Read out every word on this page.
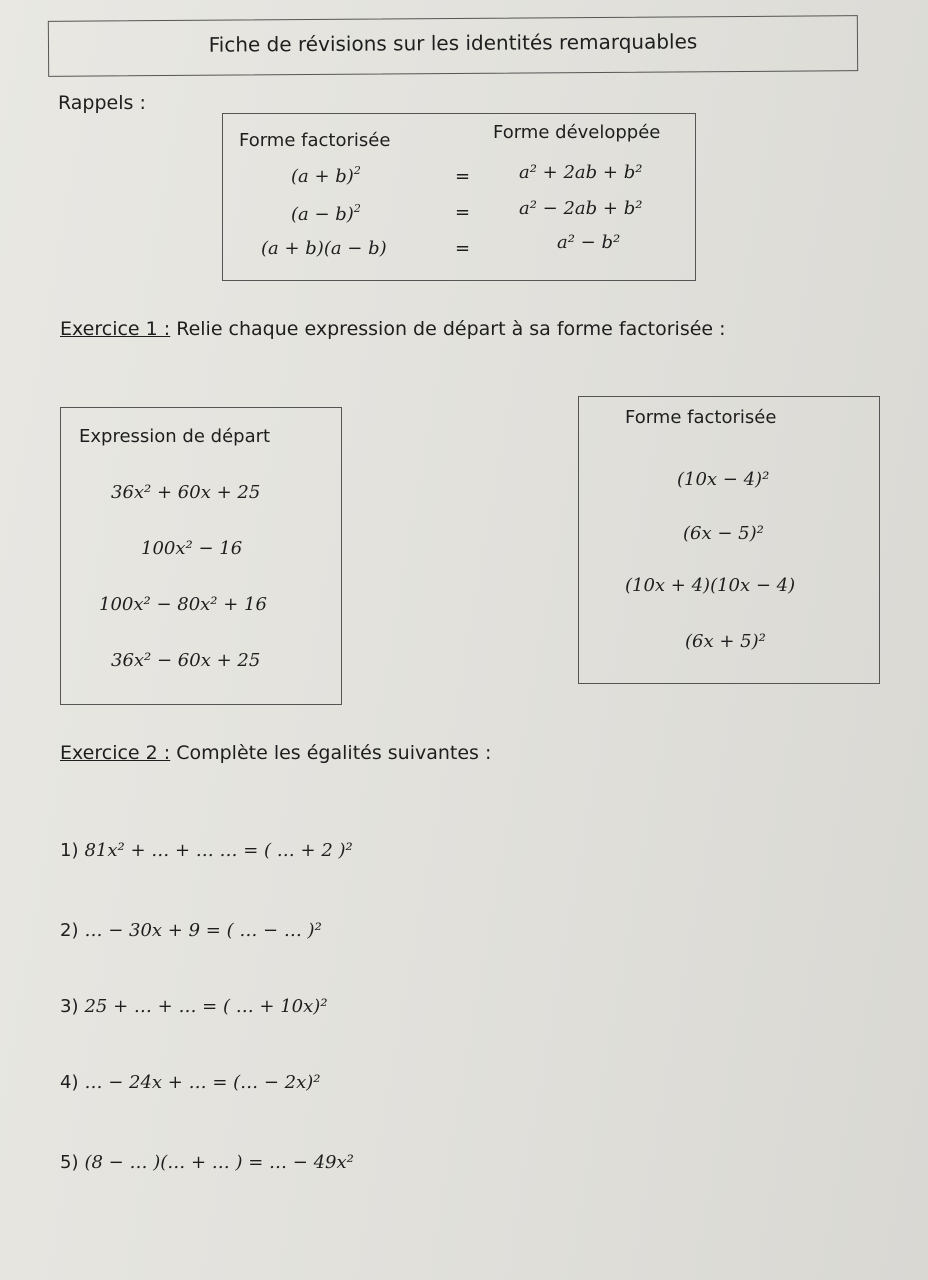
Fiche de révisions sur les identités remarquables
Rappels :
Forme factorisée	Forme développée
$(a + b)^2$	=	a² + 2ab + b²
$(a - b)^2$	=	a² − 2ab + b²
(a + b)(a − b)	=	a² − b²
Exercice 1 : Relie chaque expression de départ à sa forme factorisée :
Expression de départ
36x² + 60x + 25
100x² − 16
100x² − 80x² + 16
36x² − 60x + 25
Forme factorisée
(10x − 4)²
(6x − 5)²
(10x + 4)(10x − 4)
(6x + 5)²
Exercice 2 : Complète les égalités suivantes :
1) 81x² + … + … … = ( … + 2 )²
2) … − 30x + 9 = ( … − … )²
3) 25 + … + … = ( … + 10x)²
4) … − 24x + … = (… − 2x)²
5) (8 − … )(… + … ) = … − 49x²
